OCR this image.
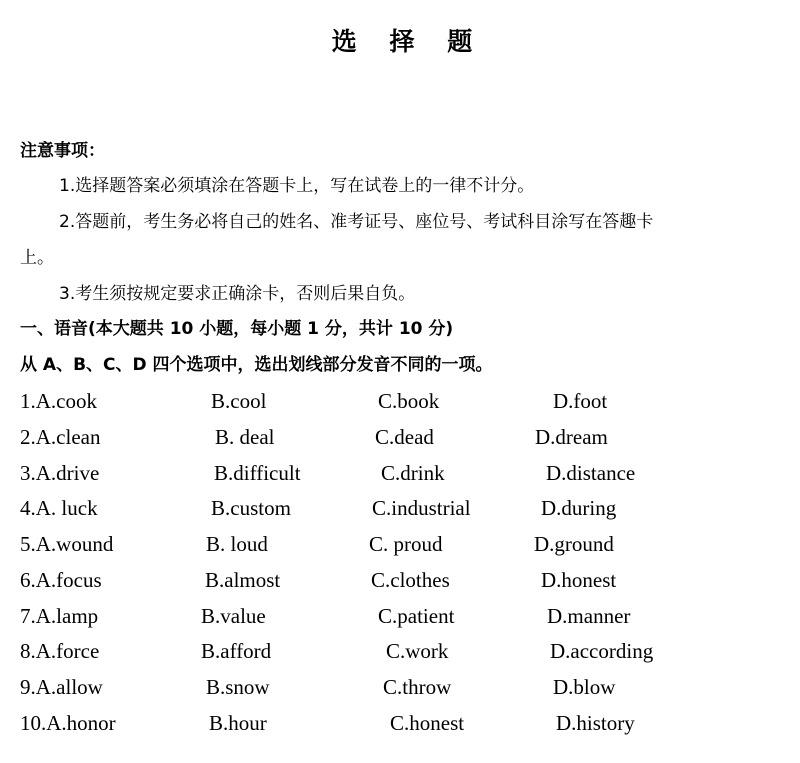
选 择 题
注意事项：
1.选择题答案必须填涂在答题卡上，写在试卷上的一律不计分。
2.答题前，考生务必将自己的姓名、准考证号、座位号、考试科目涂写在答趣卡
上。
3.考生须按规定要求正确涂卡，否则后果自负。
一、语音(本大题共 10 小题，每小题 1 分，共计 10 分)
从 A、B、C、D 四个选项中，选出划线部分发音不同的一项。
1.A.cook	B.cool	C.book	D.foot
2.A.clean	B. deal	C.dead	D.dream
3.A.drive	B.difficult	C.drink	D.distance
4.A. luck	B.custom	C.industrial	D.during
5.A.wound	B. loud	C. proud	D.ground
6.A.focus	B.almost	C.clothes	D.honest
7.A.lamp	B.value	C.patient	D.manner
8.A.force	B.afford	C.work	D.according
9.A.allow	B.snow	C.throw	D.blow
10.A.honor	B.hour	C.honest	D.history
